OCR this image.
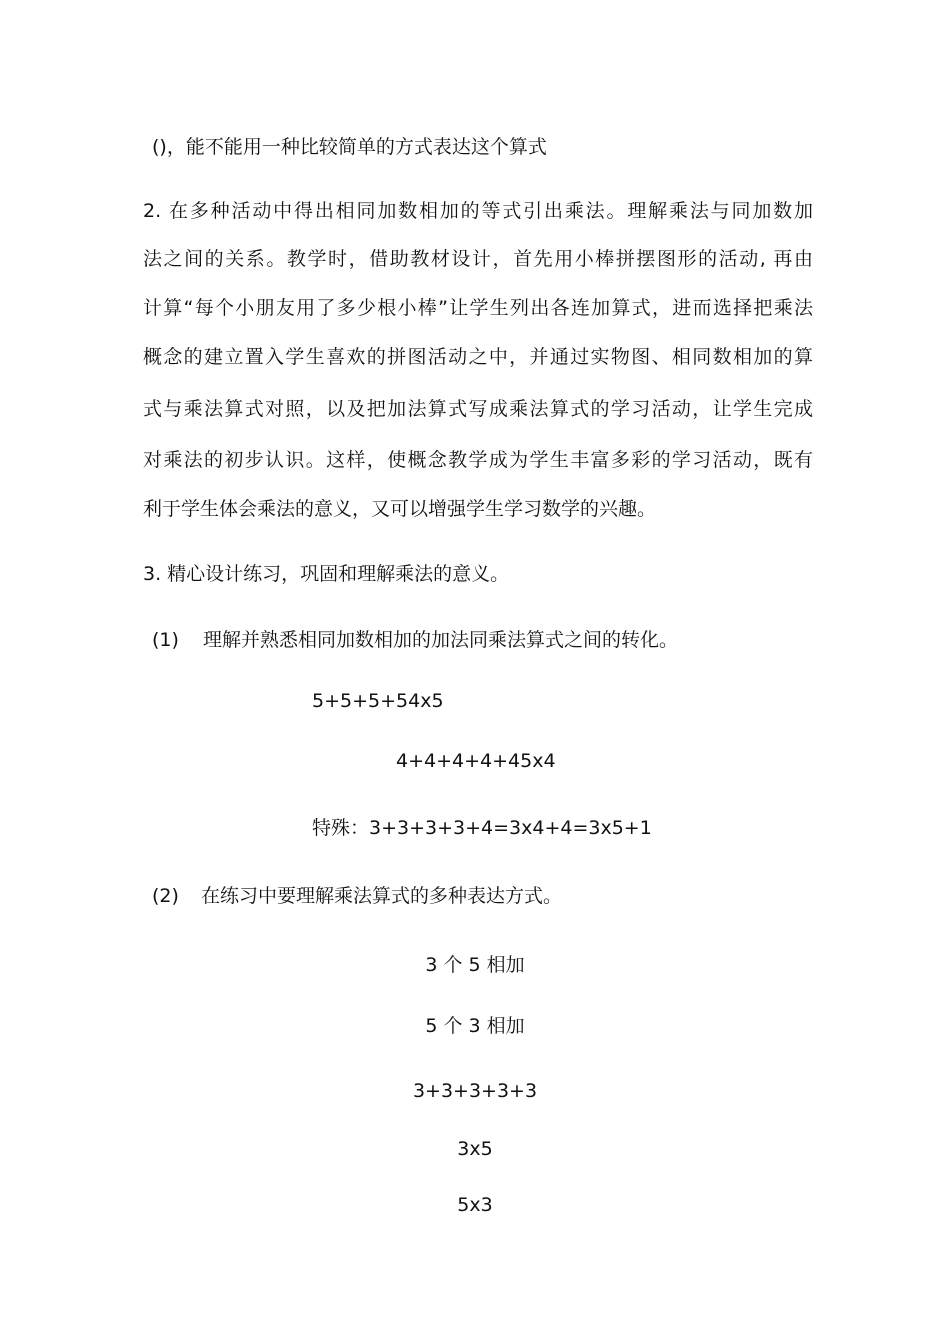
()，能不能用一种比较简单的方式表达这个算式
2. 在多种活动中得出相同加数相加的等式引出乘法。理解乘法与同加数加
法之间的关系。教学时，借助教材设计，首先用小棒拼摆图形的活动, 再由
计算“每个小朋友用了多少根小棒”让学生列出各连加算式，进而选择把乘法
概念的建立置入学生喜欢的拼图活动之中，并通过实物图、相同数相加的算
式与乘法算式对照，以及把加法算式写成乘法算式的学习活动，让学生完成
对乘法的初步认识。这样，使概念教学成为学生丰富多彩的学习活动，既有
利于学生体会乘法的意义，又可以增强学生学习数学的兴趣。
3. 精心设计练习，巩固和理解乘法的意义。
(1) 理解并熟悉相同加数相加的加法同乘法算式之间的转化。
5+5+5+54x5
4+4+4+4+45x4
特殊：3+3+3+3+4=3x4+4=3x5+1
(2) 在练习中要理解乘法算式的多种表达方式。
3 个 5 相加
5 个 3 相加
3+3+3+3+3
3x5
5x3
